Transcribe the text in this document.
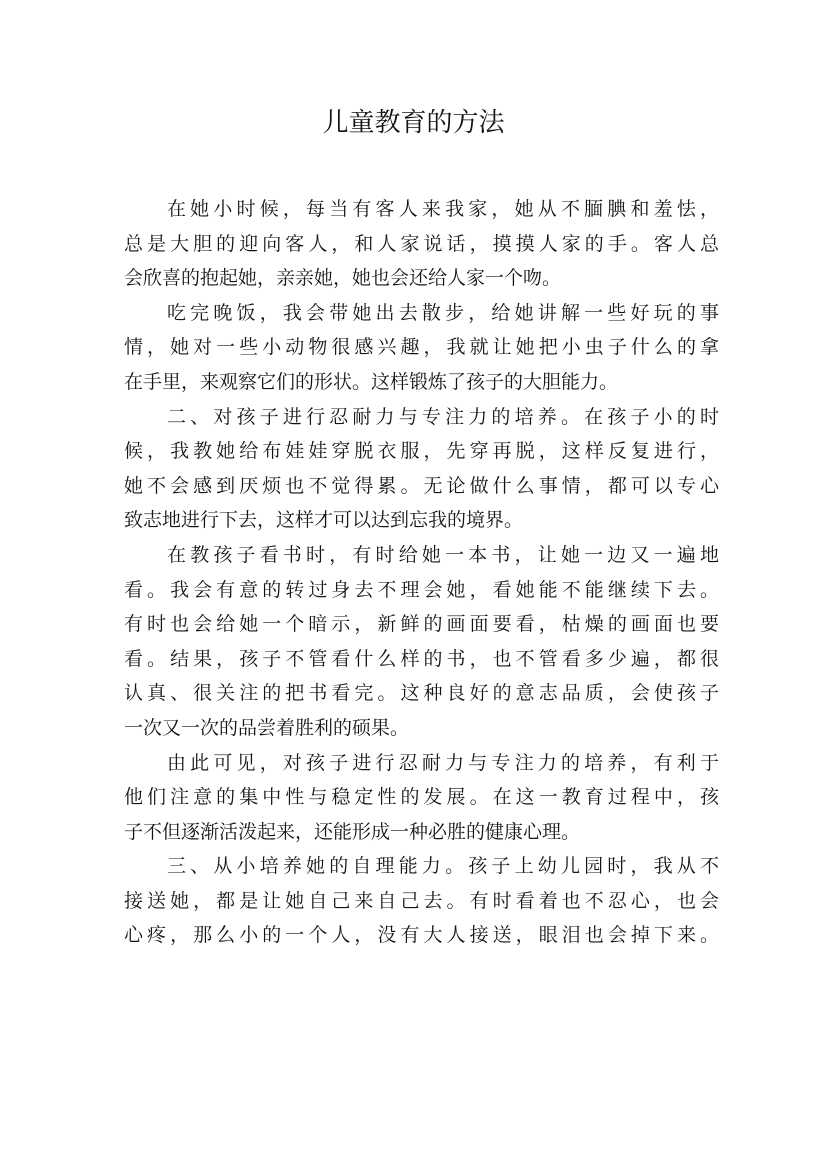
儿童教育的方法
在她小时候，每当有客人来我家，她从不腼腆和羞怯，
总是大胆的迎向客人，和人家说话，摸摸人家的手。客人总
会欣喜的抱起她，亲亲她，她也会还给人家一个吻。
吃完晚饭，我会带她出去散步，给她讲解一些好玩的事
情，她对一些小动物很感兴趣，我就让她把小虫子什么的拿
在手里，来观察它们的形状。这样锻炼了孩子的大胆能力。
二、对孩子进行忍耐力与专注力的培养。在孩子小的时
候，我教她给布娃娃穿脱衣服，先穿再脱，这样反复进行，
她不会感到厌烦也不觉得累。无论做什么事情，都可以专心
致志地进行下去，这样才可以达到忘我的境界。
在教孩子看书时，有时给她一本书，让她一边又一遍地
看。我会有意的转过身去不理会她，看她能不能继续下去。
有时也会给她一个暗示，新鲜的画面要看，枯燥的画面也要
看。结果，孩子不管看什么样的书，也不管看多少遍，都很
认真、很关注的把书看完。这种良好的意志品质，会使孩子
一次又一次的品尝着胜利的硕果。
由此可见，对孩子进行忍耐力与专注力的培养，有利于
他们注意的集中性与稳定性的发展。在这一教育过程中，孩
子不但逐渐活泼起来，还能形成一种必胜的健康心理。
三、从小培养她的自理能力。孩子上幼儿园时，我从不
接送她，都是让她自己来自己去。有时看着也不忍心，也会
心疼，那么小的一个人，没有大人接送，眼泪也会掉下来。
